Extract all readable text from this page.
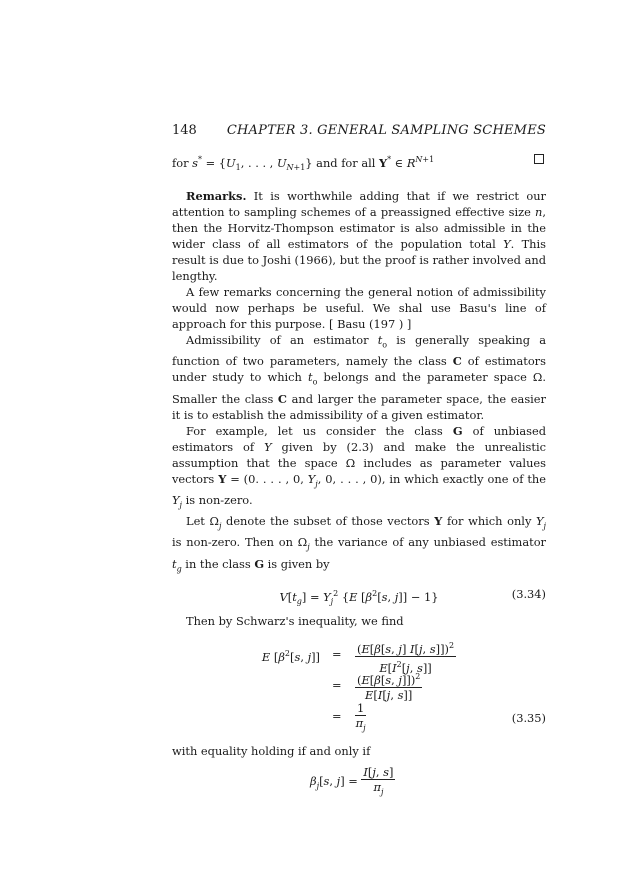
148 CHAPTER 3. GENERAL SAMPLING SCHEMES
for $s^* = \{U_1$, . . . , $U_{N+1}$} and for all Y* ∈ $R^{N+1}$

Remarks. It is worthwhile adding that if we restrict our attention to sampling schemes of a preassigned effective size n, then the Horvitz-Thompson estimator is also admissible in the wider class of all estimators of the population total Y. This result is due to Joshi (1966), but the proof is rather involved and lengthy.

A few remarks concerning the general notion of admissibility would now perhaps be useful. We shal use Basu's line of approach for this purpose. [ Basu (197 ) ]

Admissibility of an estimator $t_o$ is generally speaking a function of two parameters, namely the class C of estimators under study to which $t_o$ belongs and the parameter space Ω. Smaller the class C and larger the parameter space, the easier it is to establish the admissibility of a given estimator.

For example, let us consider the class G of unbiased estimators of Y given by (2.3) and make the unrealistic assumption that the space Ω includes as parameter values vectors Y = (0. . . . , 0, $Y_j$, 0, . . . , 0), in which exactly one of the $Y_j$ is non-zero.

Let $\Omega_j$ denote the subset of those vectors Y for which only $Y_j$ is non-zero. Then on $\Omega_j$ the variance of any unbiased estimator $t_g$ in the class G is given by

$V[t_g] = Y_j^2$ {E [$\beta^2[s$, j]] − 1}	(3.34)

Then by Schwarz's inequality, we find

E [$\beta^2[s$, $j]] = \frac{(E[\beta[s, j] I[j, s]])^2}{E[I^2[j, s]]}$
= $\frac{(E[\beta[s, j]])^2}{E[I[j, s]]}$
= $\frac{1}{\pi_j}$	(3.35)

with equality holding if and only if

$\beta_j[s$, $j] = \frac{I[j, s]}{\pi_j}$
